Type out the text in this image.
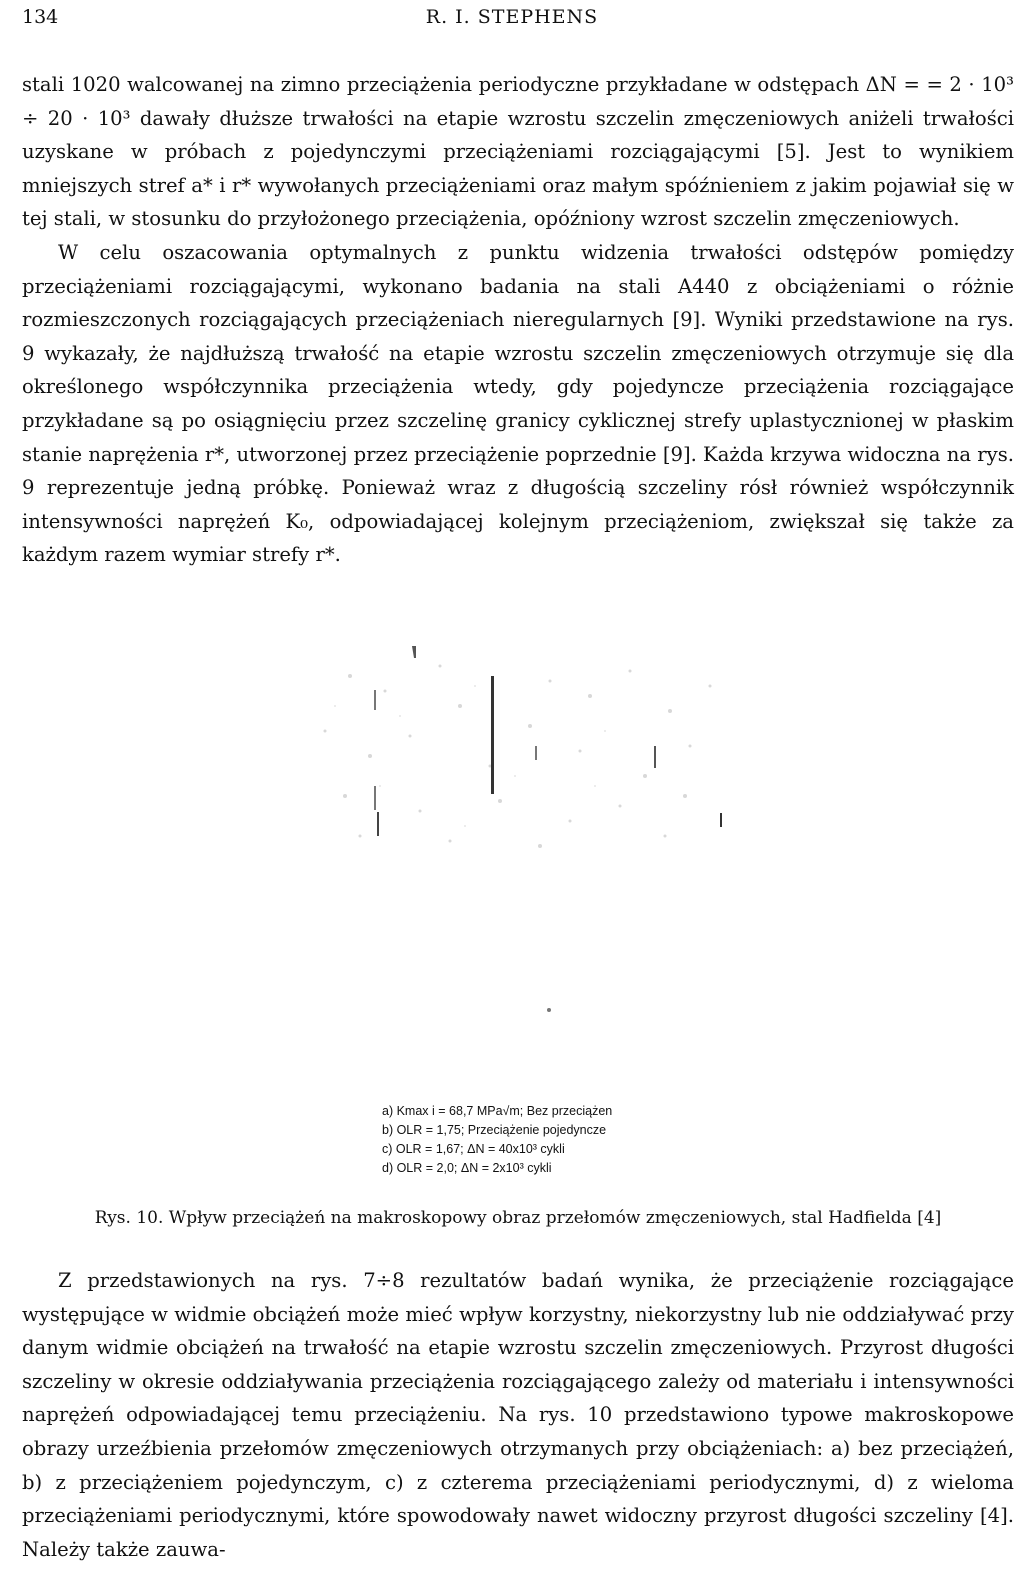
134	R. I. STEPHENS

stali 1020 walcowanej na zimno przeciążenia periodyczne przykładane w odstępach ΔN = = 2 · 10³ ÷ 20 · 10³ dawały dłuższe trwałości na etapie wzrostu szczelin zmęczeniowych aniżeli trwałości uzyskane w próbach z pojedynczymi przeciążeniami rozciągającymi [5]. Jest to wynikiem mniejszych stref a* i r* wywołanych przeciążeniami oraz małym spóźnieniem z jakim pojawiał się w tej stali, w stosunku do przyłożonego przeciążenia, opóźniony wzrost szczelin zmęczeniowych.

W celu oszacowania optymalnych z punktu widzenia trwałości odstępów pomiędzy przeciążeniami rozciągającymi, wykonano badania na stali A440 z obciążeniami o różnie rozmieszczonych rozciągających przeciążeniach nieregularnych [9]. Wyniki przedstawione na rys. 9 wykazały, że najdłuższą trwałość na etapie wzrostu szczelin zmęczeniowych otrzymuje się dla określonego współczynnika przeciążenia wtedy, gdy pojedyncze przeciążenia rozciągające przykładane są po osiągnięciu przez szczelinę granicy cyklicznej strefy uplastycznionej w płaskim stanie naprężenia r*, utworzonej przez przeciążenie poprzednie [9]. Każda krzywa widoczna na rys. 9 reprezentuje jedną próbkę. Ponieważ wraz z długością szczeliny rósł również współczynnik intensywności naprężeń K₀, odpowiadającej kolejnym przeciążeniom, zwiększał się także za każdym razem wymiar strefy r*.

a) Kmax i = 68,7 MPa√m; Bez przeciążen
b) OLR = 1,75; Przeciążenie pojedyncze
c) OLR = 1,67; ΔN = 40x10³ cykli
d) OLR = 2,0; ΔN = 2x10³ cykli
Rys. 10. Wpływ przeciążeń na makroskopowy obraz przełomów zmęczeniowych, stal Hadfielda [4]

Z przedstawionych na rys. 7÷8 rezultatów badań wynika, że przeciążenie rozciągające występujące w widmie obciążeń może mieć wpływ korzystny, niekorzystny lub nie oddziaływać przy danym widmie obciążeń na trwałość na etapie wzrostu szczelin zmęczeniowych. Przyrost długości szczeliny w okresie oddziaływania przeciążenia rozciągającego zależy od materiału i intensywności naprężeń odpowiadającej temu przeciążeniu. Na rys. 10 przedstawiono typowe makroskopowe obrazy urzeźbienia przełomów zmęczeniowych otrzymanych przy obciążeniach: a) bez przeciążeń, b) z przeciążeniem pojedynczym, c) z czterema przeciążeniami periodycznymi, d) z wieloma przeciążeniami periodycznymi, które spowodowały nawet widoczny przyrost długości szczeliny [4]. Należy także zauwa-
